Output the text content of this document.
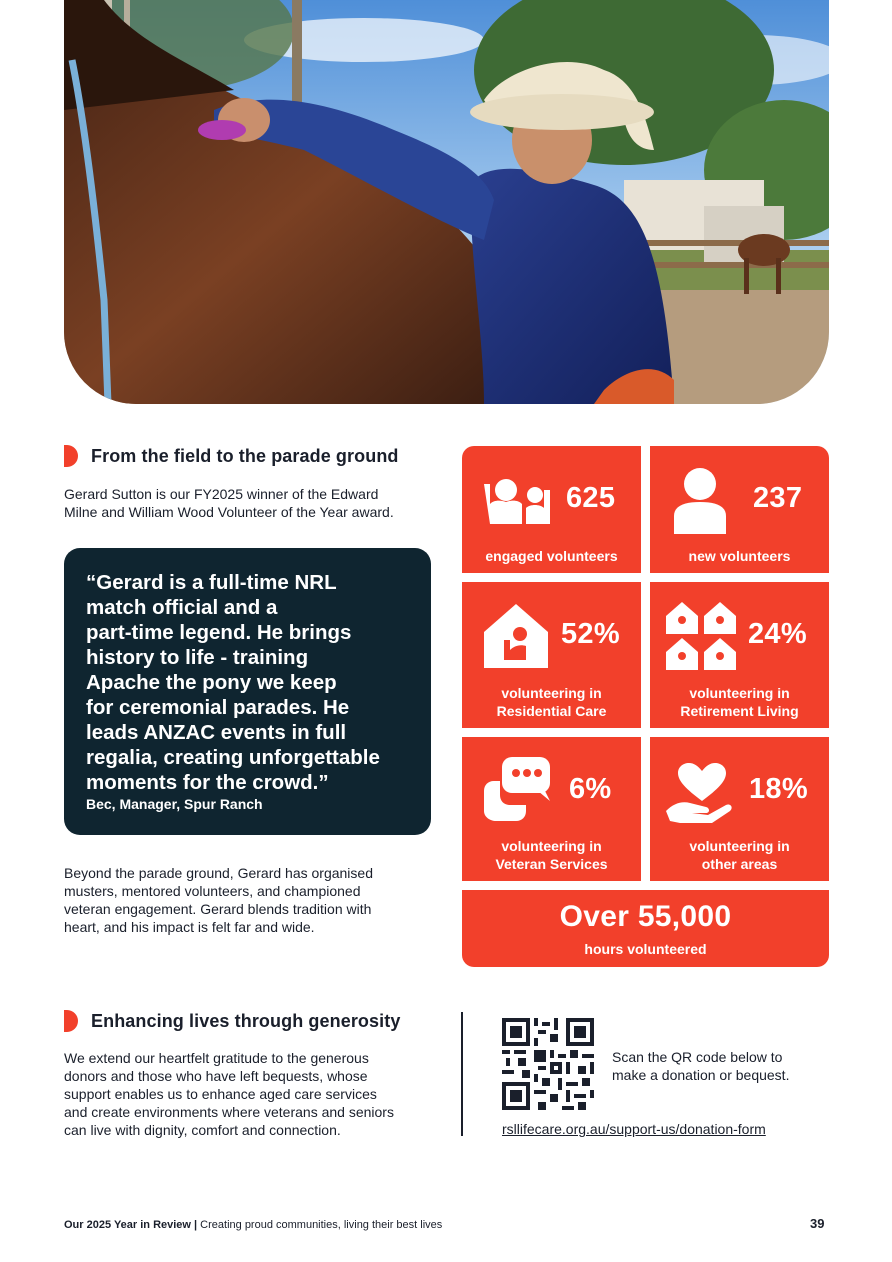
From the field to the parade ground
Gerard Sutton is our FY2025 winner of the Edward
Milne and William Wood Volunteer of the Year award.
“Gerard is a full-time NRL
match official and a
part-time legend. He brings
history to life - training
Apache the pony we keep
for ceremonial parades. He
leads ANZAC events in full
regalia, creating unforgettable
moments for the crowd.”
Bec, Manager, Spur Ranch
Beyond the parade ground, Gerard has organised
musters, mentored volunteers, and championed
veteran engagement. Gerard blends tradition with
heart, and his impact is felt far and wide.
625
engaged volunteers
237
new volunteers
52%
volunteering in
Residential Care
24%
volunteering in
Retirement Living
6%
volunteering in
Veteran Services
18%
volunteering in
other areas
Over 55,000
hours volunteered
Enhancing lives through generosity
We extend our heartfelt gratitude to the generous
donors and those who have left bequests, whose
support enables us to enhance aged care services
and create environments where veterans and seniors
can live with dignity, comfort and connection.
Scan the QR code below to
make a donation or bequest.
rsllifecare.org.au/support-us/donation-form
Our 2025 Year in Review | Creating proud communities, living their best lives	39
